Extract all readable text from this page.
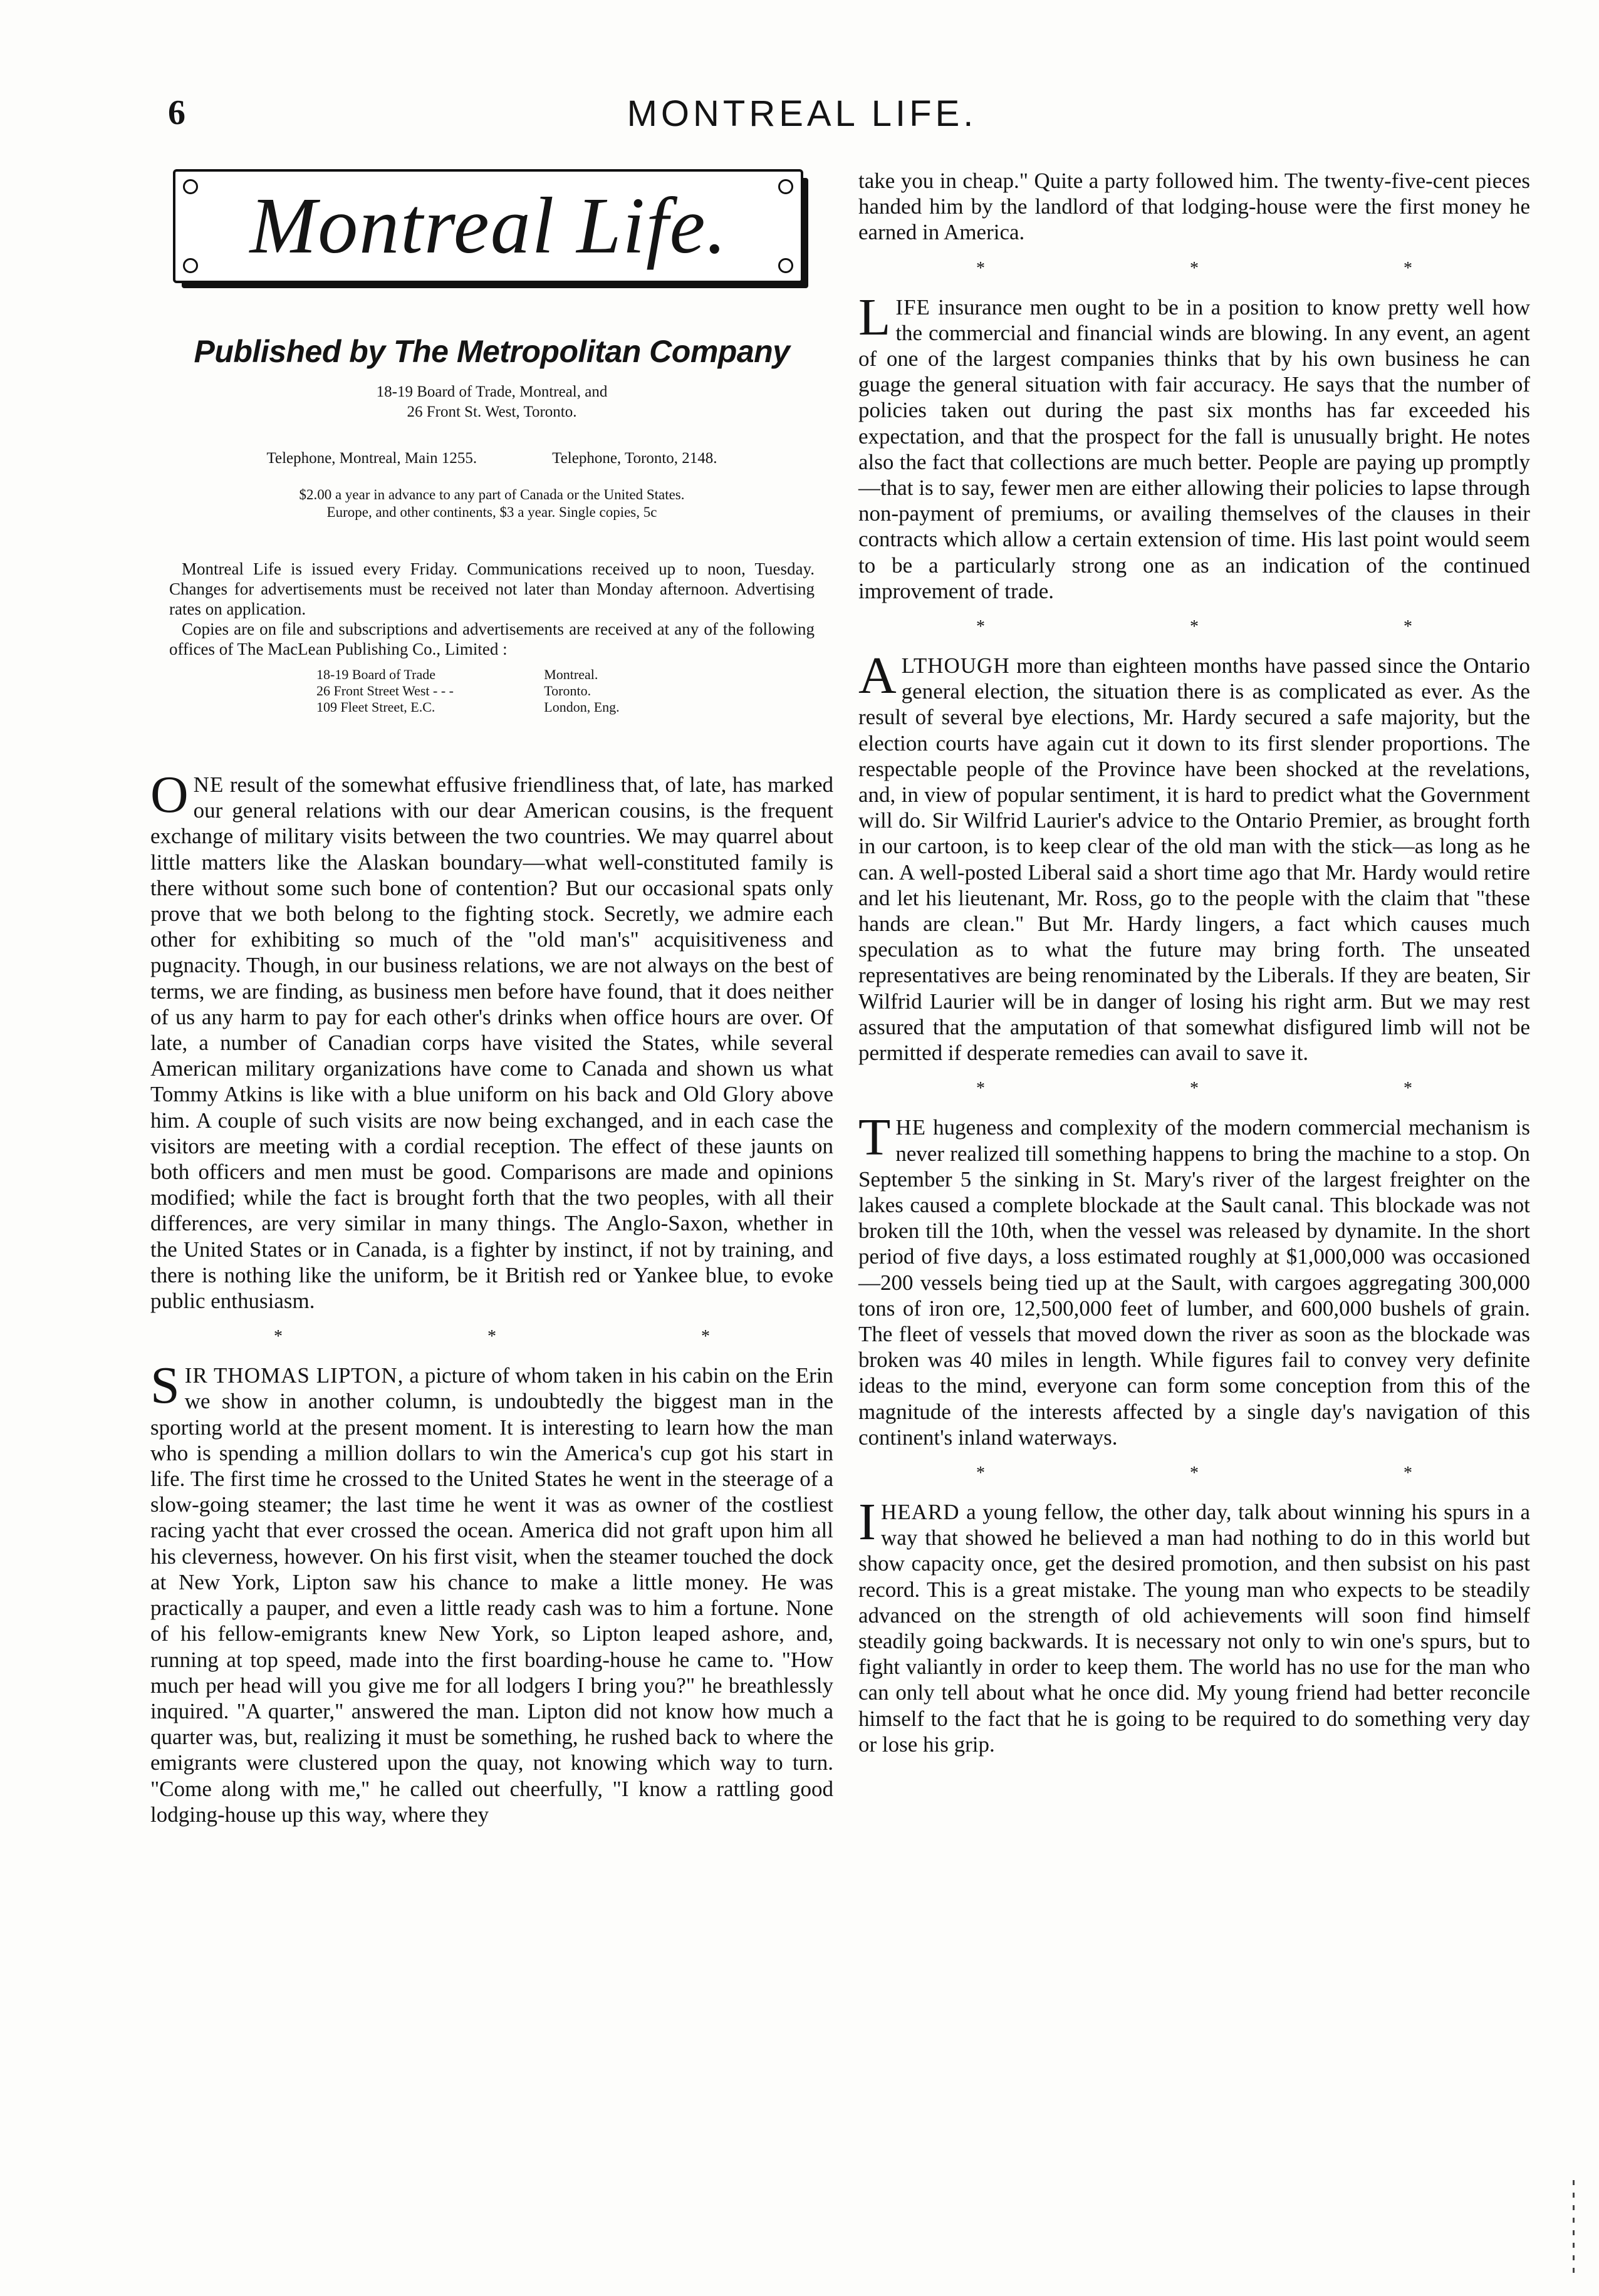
6	MONTREAL LIFE.
Montreal Life.
Published by The Metropolitan Company

18-19 Board of Trade, Montreal, and

26 Front St. West, Toronto.

Telephone, Montreal, Main 1255.	Telephone, Toronto, 2148.
$2.00 a year in advance to any part of Canada or the United States.
Europe, and other continents, $3 a year. Single copies, 5c

Montreal Life is issued every Friday. Communications received up to noon, Tuesday. Changes for advertisements must be received not later than Monday afternoon. Advertising rates on application.

Copies are on file and subscriptions and advertisements are received at any of the following offices of The MacLean Publishing Co., Limited :

18-19 Board of Trade	Montreal.
26 Front Street West - - -	Toronto.
109 Fleet Street, E.C.	London, Eng.

ONE result of the somewhat effusive friendliness that, of late, has marked our general relations with our dear American cousins, is the frequent exchange of military visits between the two countries. We may quarrel about little matters like the Alaskan boundary—what well-constituted family is there without some such bone of contention? But our occasional spats only prove that we both belong to the fighting stock. Secretly, we admire each other for exhibiting so much of the "old man's" acquisitiveness and pugnacity. Though, in our business relations, we are not always on the best of terms, we are finding, as business men before have found, that it does neither of us any harm to pay for each other's drinks when office hours are over. Of late, a number of Canadian corps have visited the States, while several American military organizations have come to Canada and shown us what Tommy Atkins is like with a blue uniform on his back and Old Glory above him. A couple of such visits are now being exchanged, and in each case the visitors are meeting with a cordial reception. The effect of these jaunts on both officers and men must be good. Comparisons are made and opinions modified; while the fact is brought forth that the two peoples, with all their differences, are very similar in many things. The Anglo-Saxon, whether in the United States or in Canada, is a fighter by instinct, if not by training, and there is nothing like the uniform, be it British red or Yankee blue, to evoke public enthusiasm.

* * *

SIR THOMAS LIPTON, a picture of whom taken in his cabin on the Erin we show in another column, is undoubtedly the biggest man in the sporting world at the present moment. It is interesting to learn how the man who is spending a million dollars to win the America's cup got his start in life. The first time he crossed to the United States he went in the steerage of a slow-going steamer; the last time he went it was as owner of the costliest racing yacht that ever crossed the ocean. America did not graft upon him all his cleverness, however. On his first visit, when the steamer touched the dock at New York, Lipton saw his chance to make a little money. He was practically a pauper, and even a little ready cash was to him a fortune. None of his fellow-emigrants knew New York, so Lipton leaped ashore, and, running at top speed, made into the first boarding-house he came to. "How much per head will you give me for all lodgers I bring you?" he breathlessly inquired. "A quarter," answered the man. Lipton did not know how much a quarter was, but, realizing it must be something, he rushed back to where the emigrants were clustered upon the quay, not knowing which way to turn. "Come along with me," he called out cheerfully, "I know a rattling good lodging-house up this way, where they

take you in cheap." Quite a party followed him. The twenty-five-cent pieces handed him by the landlord of that lodging-house were the first money he earned in America.

* * *

LIFE insurance men ought to be in a position to know pretty well how the commercial and financial winds are blowing. In any event, an agent of one of the largest companies thinks that by his own business he can guage the general situation with fair accuracy. He says that the number of policies taken out during the past six months has far exceeded his expectation, and that the prospect for the fall is unusually bright. He notes also the fact that collections are much better. People are paying up promptly—that is to say, fewer men are either allowing their policies to lapse through non-payment of premiums, or availing themselves of the clauses in their contracts which allow a certain extension of time. His last point would seem to be a particularly strong one as an indication of the continued improvement of trade.

* * *

ALTHOUGH more than eighteen months have passed since the Ontario general election, the situation there is as complicated as ever. As the result of several bye elections, Mr. Hardy secured a safe majority, but the election courts have again cut it down to its first slender proportions. The respectable people of the Province have been shocked at the revelations, and, in view of popular sentiment, it is hard to predict what the Government will do. Sir Wilfrid Laurier's advice to the Ontario Premier, as brought forth in our cartoon, is to keep clear of the old man with the stick—as long as he can. A well-posted Liberal said a short time ago that Mr. Hardy would retire and let his lieutenant, Mr. Ross, go to the people with the claim that "these hands are clean." But Mr. Hardy lingers, a fact which causes much speculation as to what the future may bring forth. The unseated representatives are being renominated by the Liberals. If they are beaten, Sir Wilfrid Laurier will be in danger of losing his right arm. But we may rest assured that the amputation of that somewhat disfigured limb will not be permitted if desperate remedies can avail to save it.

* * *

THE hugeness and complexity of the modern commercial mechanism is never realized till something happens to bring the machine to a stop. On September 5 the sinking in St. Mary's river of the largest freighter on the lakes caused a complete blockade at the Sault canal. This blockade was not broken till the 10th, when the vessel was released by dynamite. In the short period of five days, a loss estimated roughly at $1,000,000 was occasioned—200 vessels being tied up at the Sault, with cargoes aggregating 300,000 tons of iron ore, 12,500,000 feet of lumber, and 600,000 bushels of grain. The fleet of vessels that moved down the river as soon as the blockade was broken was 40 miles in length. While figures fail to convey very definite ideas to the mind, everyone can form some conception from this of the magnitude of the interests affected by a single day's navigation of this continent's inland waterways.

* * *

IHEARD a young fellow, the other day, talk about winning his spurs in a way that showed he believed a man had nothing to do in this world but show capacity once, get the desired promotion, and then subsist on his past record. This is a great mistake. The young man who expects to be steadily advanced on the strength of old achievements will soon find himself steadily going backwards. It is necessary not only to win one's spurs, but to fight valiantly in order to keep them. The world has no use for the man who can only tell about what he once did. My young friend had better reconcile himself to the fact that he is going to be required to do something very day or lose his grip.
